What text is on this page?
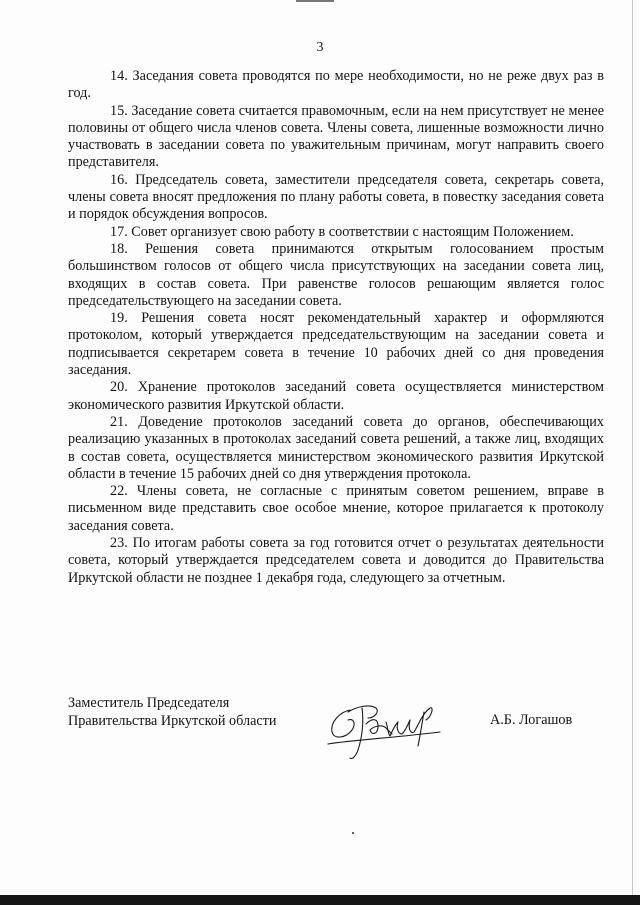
3

14. Заседания совета проводятся по мере необходимости, но не реже двух раз в год.

15. Заседание совета считается правомочным, если на нем присутствует не менее половины от общего числа членов совета. Члены совета, лишенные возможности лично участвовать в заседании совета по уважительным причинам, могут направить своего представителя.

16. Председатель совета, заместители председателя совета, секретарь совета, члены совета вносят предложения по плану работы совета, в повестку заседания совета и порядок обсуждения вопросов.

17. Совет организует свою работу в соответствии с настоящим Положением.

18. Решения совета принимаются открытым голосованием простым большинством голосов от общего числа присутствующих на заседании совета лиц, входящих в состав совета. При равенстве голосов решающим является голос председательствующего на заседании совета.

19. Решения совета носят рекомендательный характер и оформляются протоколом, который утверждается председательствующим на заседании совета и подписывается секретарем совета в течение 10 рабочих дней со дня проведения заседания.

20. Хранение протоколов заседаний совета осуществляется министерством экономического развития Иркутской области.

21. Доведение протоколов заседаний совета до органов, обеспечивающих реализацию указанных в протоколах заседаний совета решений, а также лиц, входящих в состав совета, осуществляется министерством экономического развития Иркутской области в течение 15 рабочих дней со дня утверждения протокола.

22. Члены совета, не согласные с принятым советом решением, вправе в письменном виде представить свое особое мнение, которое прилагается к протоколу заседания совета.

23. По итогам работы совета за год готовится отчет о результатах деятельности совета, который утверждается председателем совета и доводится до Правительства Иркутской области не позднее 1 декабря года, следующего за отчетным.

Заместитель Председателя
Правительства Иркутской области	А.Б. Логашов
